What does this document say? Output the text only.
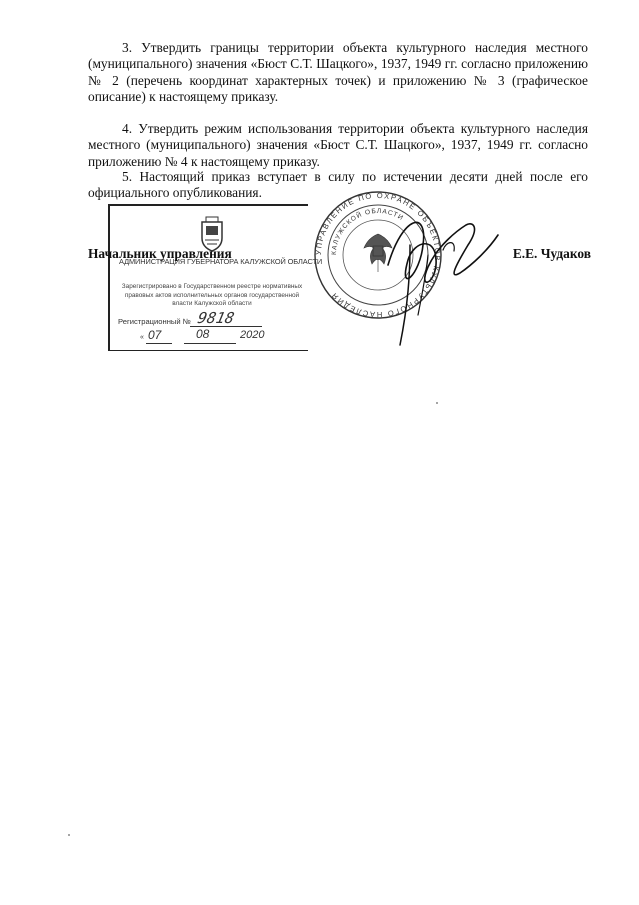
3. Утвердить границы территории объекта культурного наследия местного (муниципального) значения «Бюст С.Т. Шацкого», 1937, 1949 гг. согласно приложению № 2 (перечень координат характерных точек) и приложению № 3 (графическое описание) к настоящему приказу.

4. Утвердить режим использования территории объекта культурного наследия местного (муниципального) значения «Бюст С.Т. Шацкого», 1937, 1949 гг. согласно приложению № 4 к настоящему приказу.

5. Настоящий приказ вступает в силу по истечении десяти дней после его официального опубликования.

АДМИНИСТРАЦИЯ ГУБЕРНАТОРА КАЛУЖСКОЙ ОБЛАСТИ
Зарегистрировано в Государственном реестре нормативных правовых актов исполнительных органов государственной власти Калужской области
Регистрационный № 9818
« 07	08	2020
УПРАВЛЕНИЕ ПО ОХРАНЕ ОБЪЕКТОВ КУЛЬТУРНОГО НАСЛЕДИЯ
КАЛУЖСКОЙ ОБЛАСТИ
Начальник управления	Е.Е. Чудаков
